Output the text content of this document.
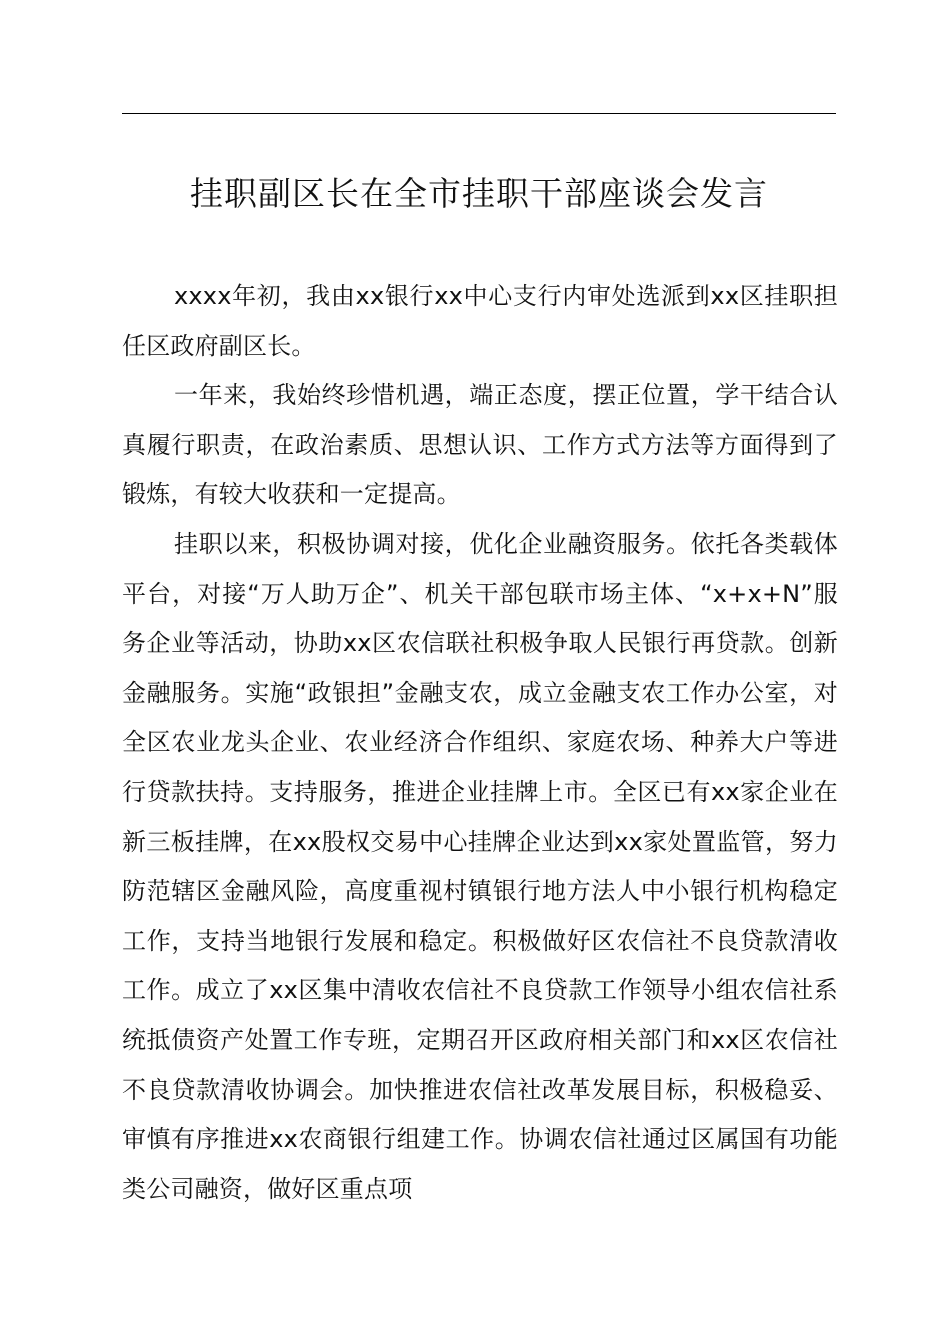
挂职副区长在全市挂职干部座谈会发言

xxxx年初，我由xx银行xx中心支行内审处选派到xx区挂职担任区政府副区长。

一年来，我始终珍惜机遇，端正态度，摆正位置，学干结合认真履行职责，在政治素质、思想认识、工作方式方法等方面得到了锻炼，有较大收获和一定提高。

挂职以来，积极协调对接，优化企业融资服务。依托各类载体平台，对接“万人助万企”、机关干部包联市场主体、“x+x+N”服务企业等活动，协助xx区农信联社积极争取人民银行再贷款。创新金融服务。实施“政银担”金融支农，成立金融支农工作办公室，对全区农业龙头企业、农业经济合作组织、家庭农场、种养大户等进行贷款扶持。支持服务，推进企业挂牌上市。全区已有xx家企业在新三板挂牌，在xx股权交易中心挂牌企业达到xx家处置监管，努力防范辖区金融风险，高度重视村镇银行地方法人中小银行机构稳定工作，支持当地银行发展和稳定。积极做好区农信社不良贷款清收工作。成立了xx区集中清收农信社不良贷款工作领导小组农信社系统抵债资产处置工作专班，定期召开区政府相关部门和xx区农信社不良贷款清收协调会。加快推进农信社改革发展目标，积极稳妥、审慎有序推进xx农商银行组建工作。协调农信社通过区属国有功能类公司融资，做好区重点项
